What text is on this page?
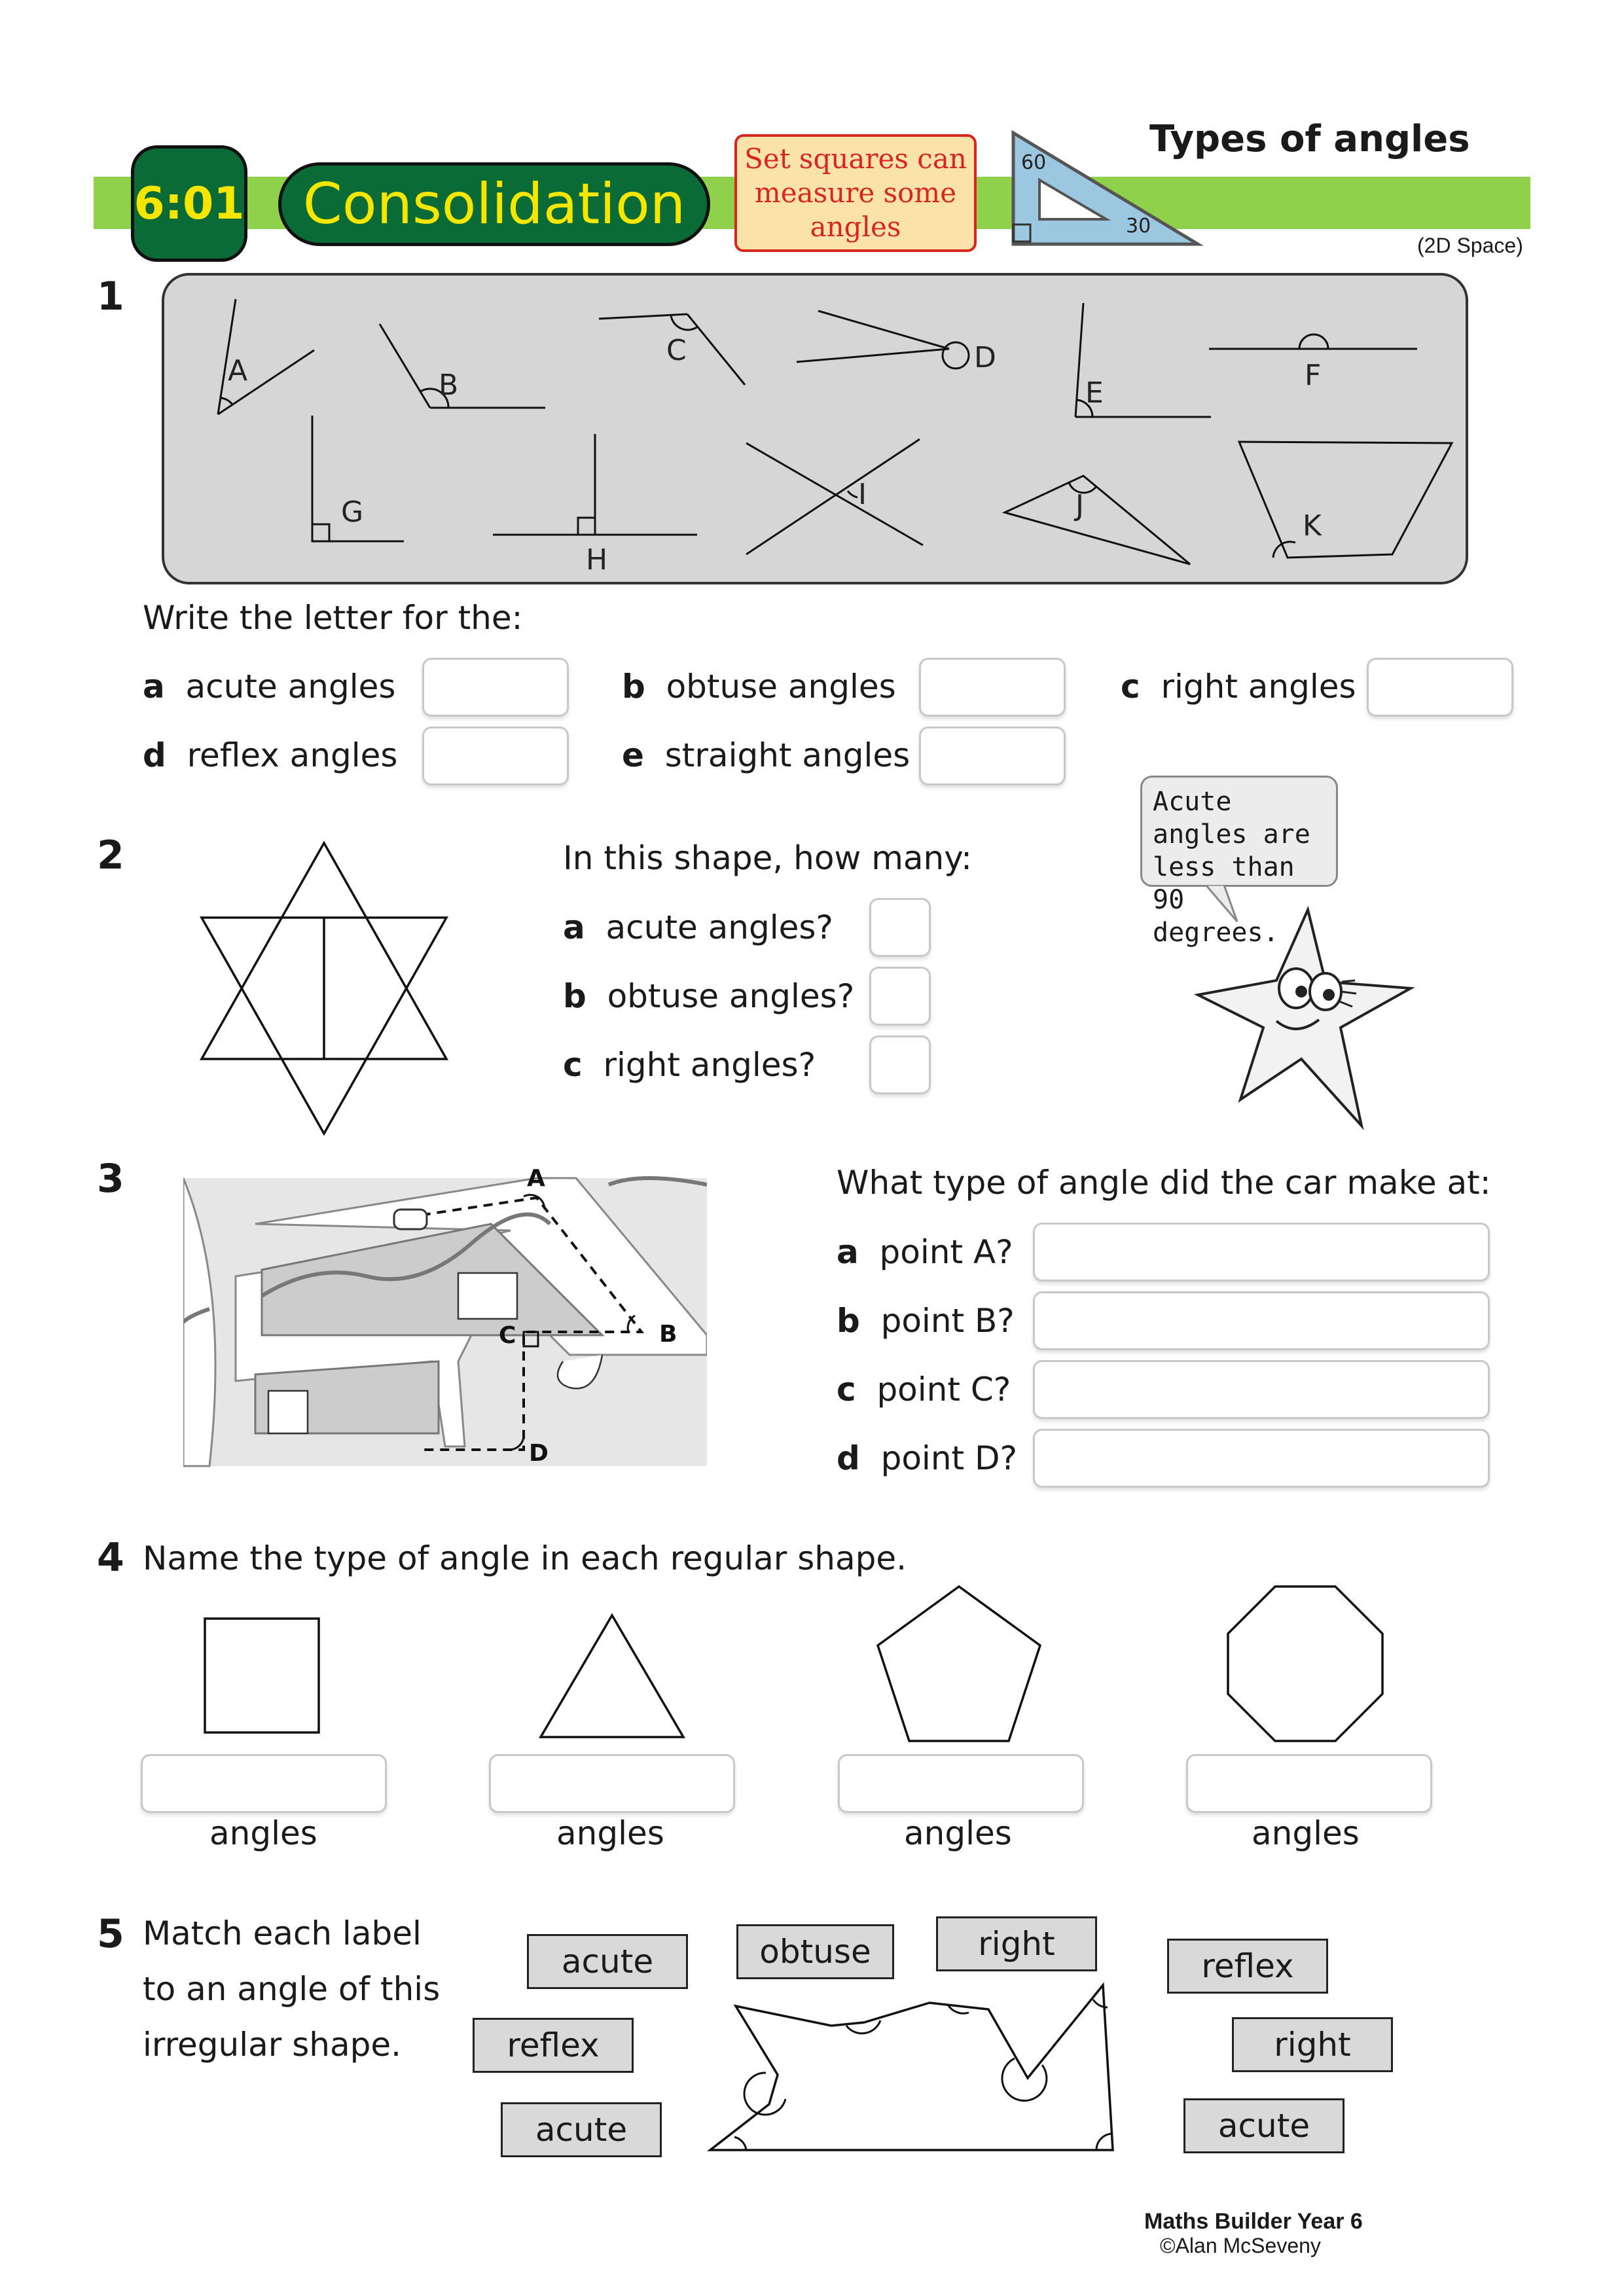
6:01 Consolidation
Set squares can measure some angles
60
30
Types of angles
(2D Space)
1
A	B
C	D
E
F
G
H
I	J
K
Write the letter for the:
a acute angles	b obtuse angles	c right angles
d reflex angles	e straight angles
2	In this shape, how many:
a acute angles?
b obtuse angles?
c right angles?
Acute angles are less than 90 degrees.
3	A
B
C
D
What type of angle did the car make at:
a point A?
b point B?
c point C?
d point D?
4 Name the type of angle in each regular shape.
angles	angles	angles	angles
5 Match each label
to an angle of this
irregular shape.
acute	obtuse	right
reflex
reflex	right
acute	acute
Maths Builder Year 6
©Alan McSeveny
